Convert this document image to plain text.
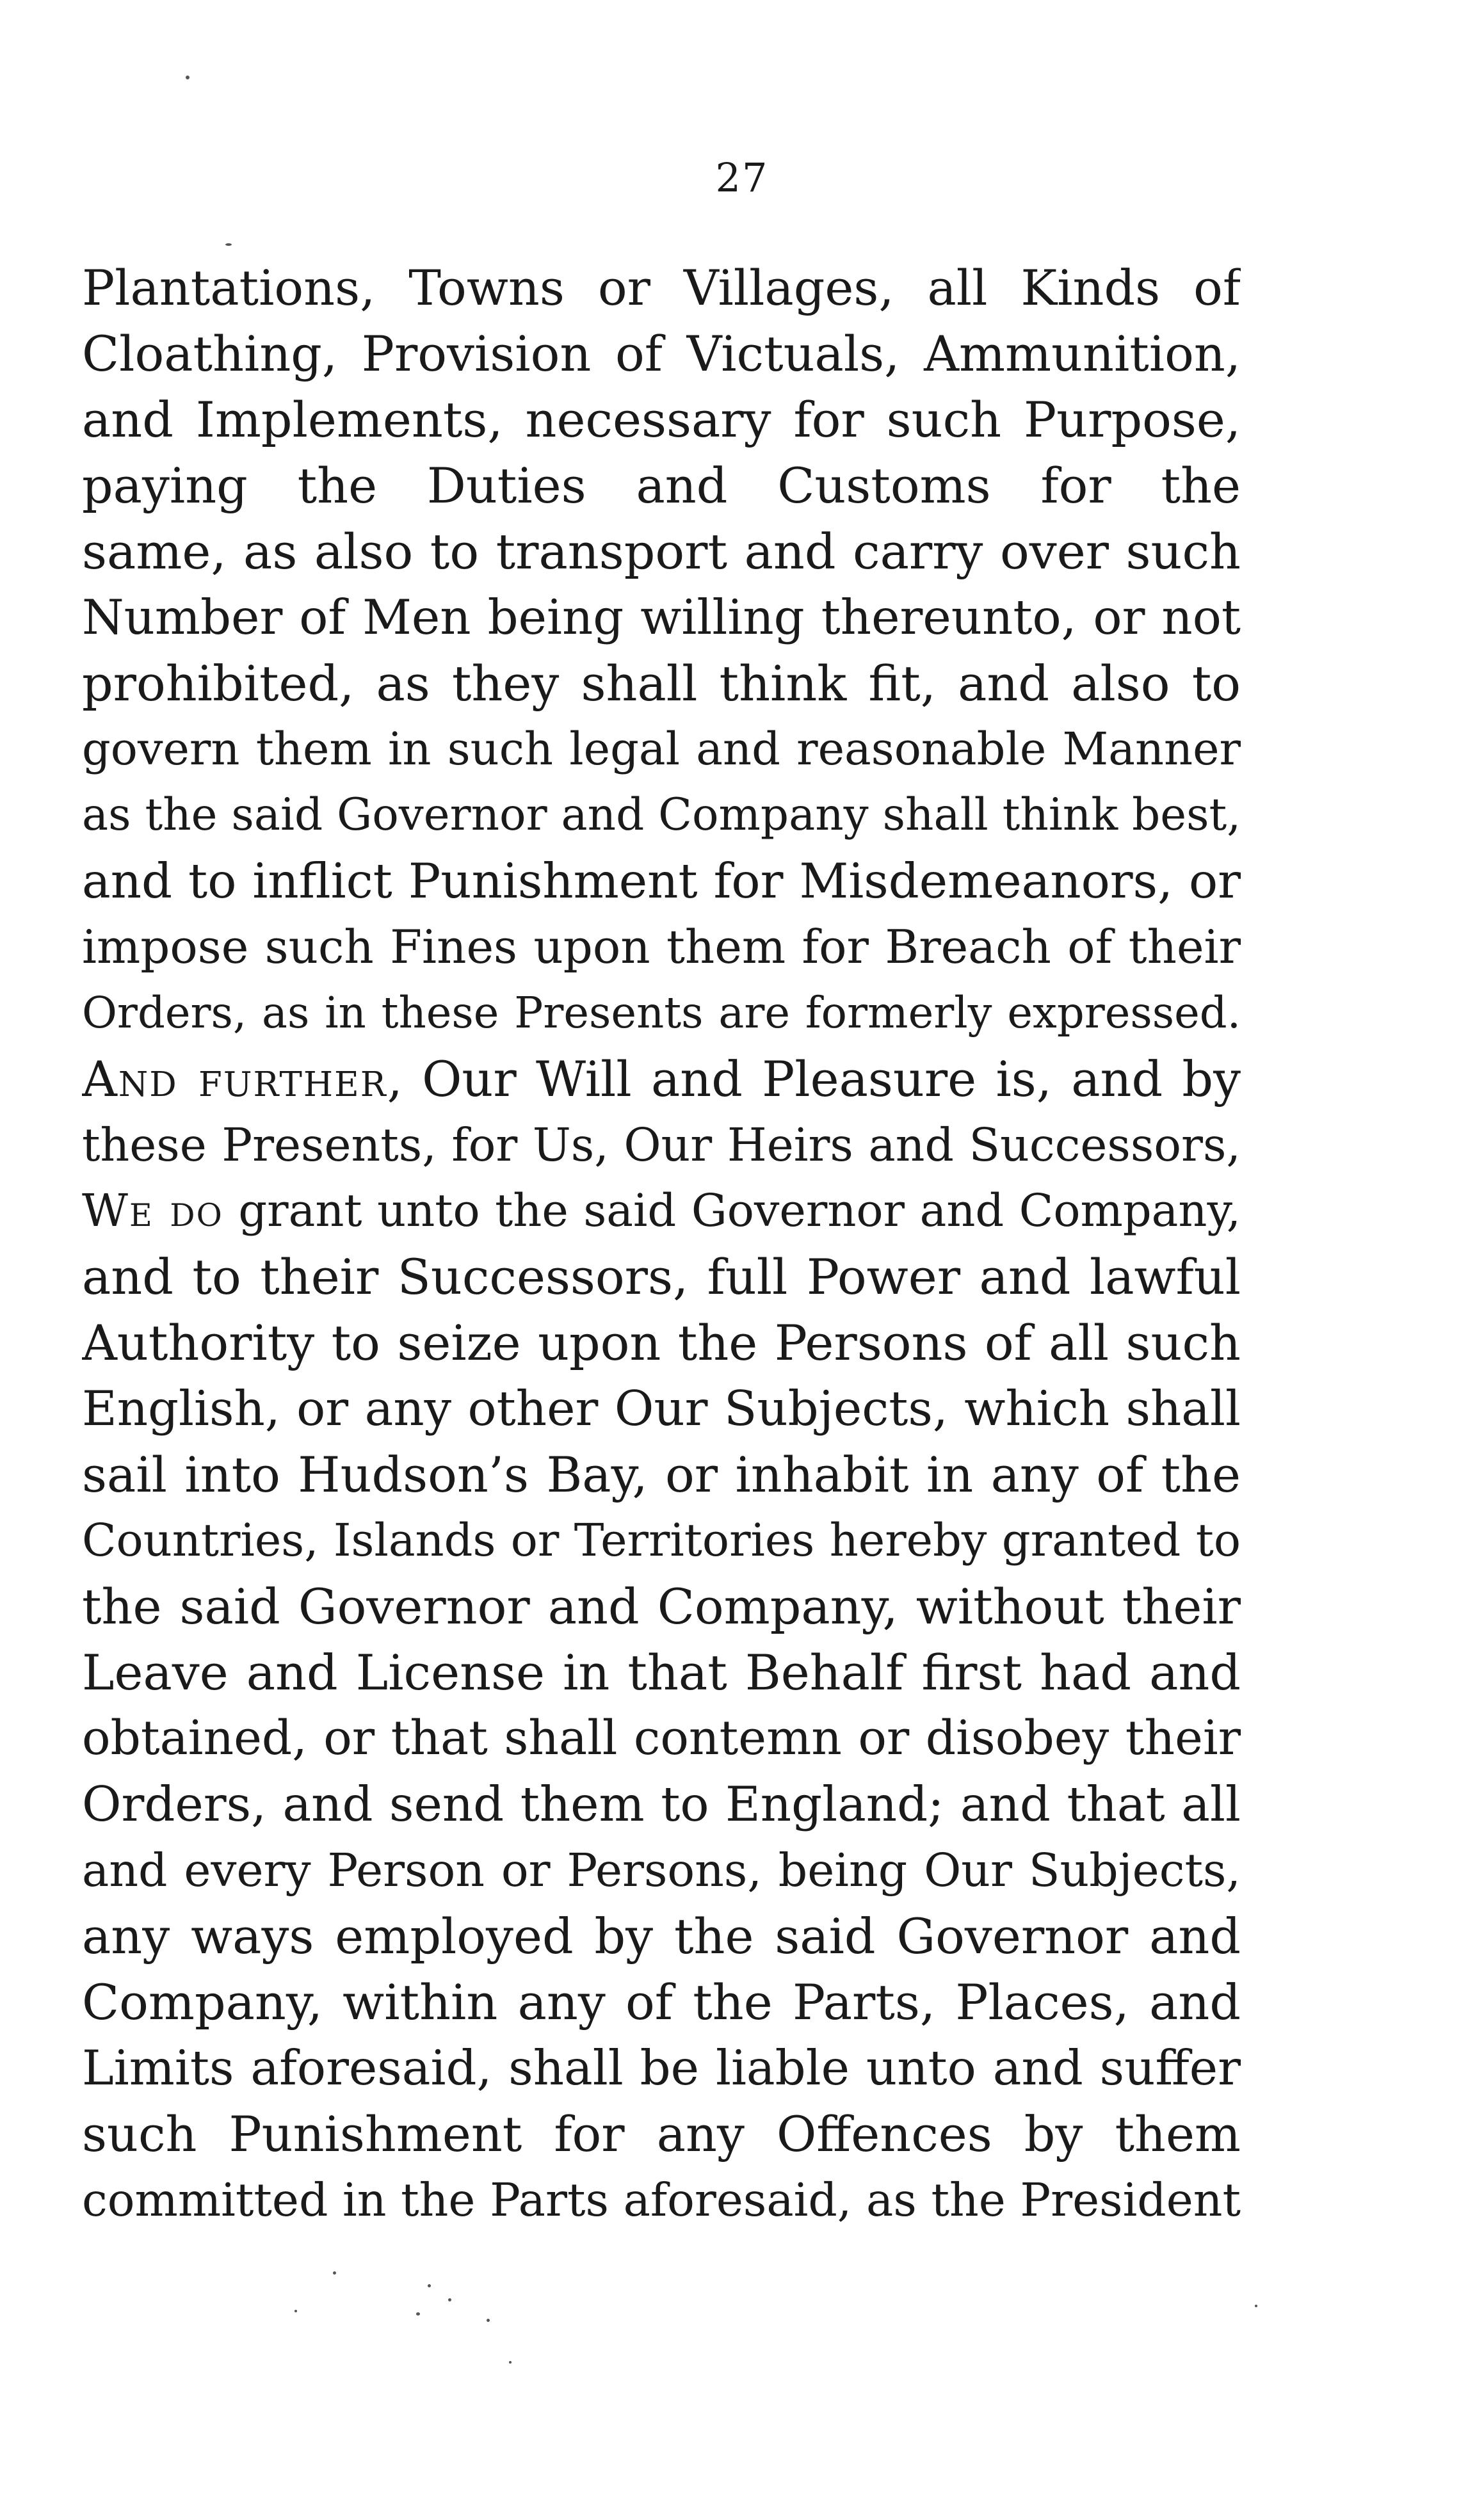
27
Plantations, Towns or Villages, all Kinds of
Cloathing, Provision of Victuals, Ammunition,
and Implements, necessary for such Purpose,
paying the Duties and Customs for the
same, as also to transport and carry over such
Number of Men being willing thereunto, or not
prohibited, as they shall think fit, and also to
govern them in such legal and reasonable Manner
as the said Governor and Company shall think best,
and to inflict Punishment for Misdemeanors, or
impose such Fines upon them for Breach of their
Orders, as in these Presents are formerly expressed.
And further, Our Will and Pleasure is, and by
these Presents, for Us, Our Heirs and Successors,
We do grant unto the said Governor and Company,
and to their Successors, full Power and lawful
Authority to seize upon the Persons of all such
English, or any other Our Subjects, which shall
sail into Hudson’s Bay, or inhabit in any of the
Countries, Islands or Territories hereby granted to
the said Governor and Company, without their
Leave and License in that Behalf first had and
obtained, or that shall contemn or disobey their
Orders, and send them to England; and that all
and every Person or Persons, being Our Subjects,
any ways employed by the said Governor and
Company, within any of the Parts, Places, and
Limits aforesaid, shall be liable unto and suffer
such Punishment for any Offences by them
committed in the Parts aforesaid, as the President
